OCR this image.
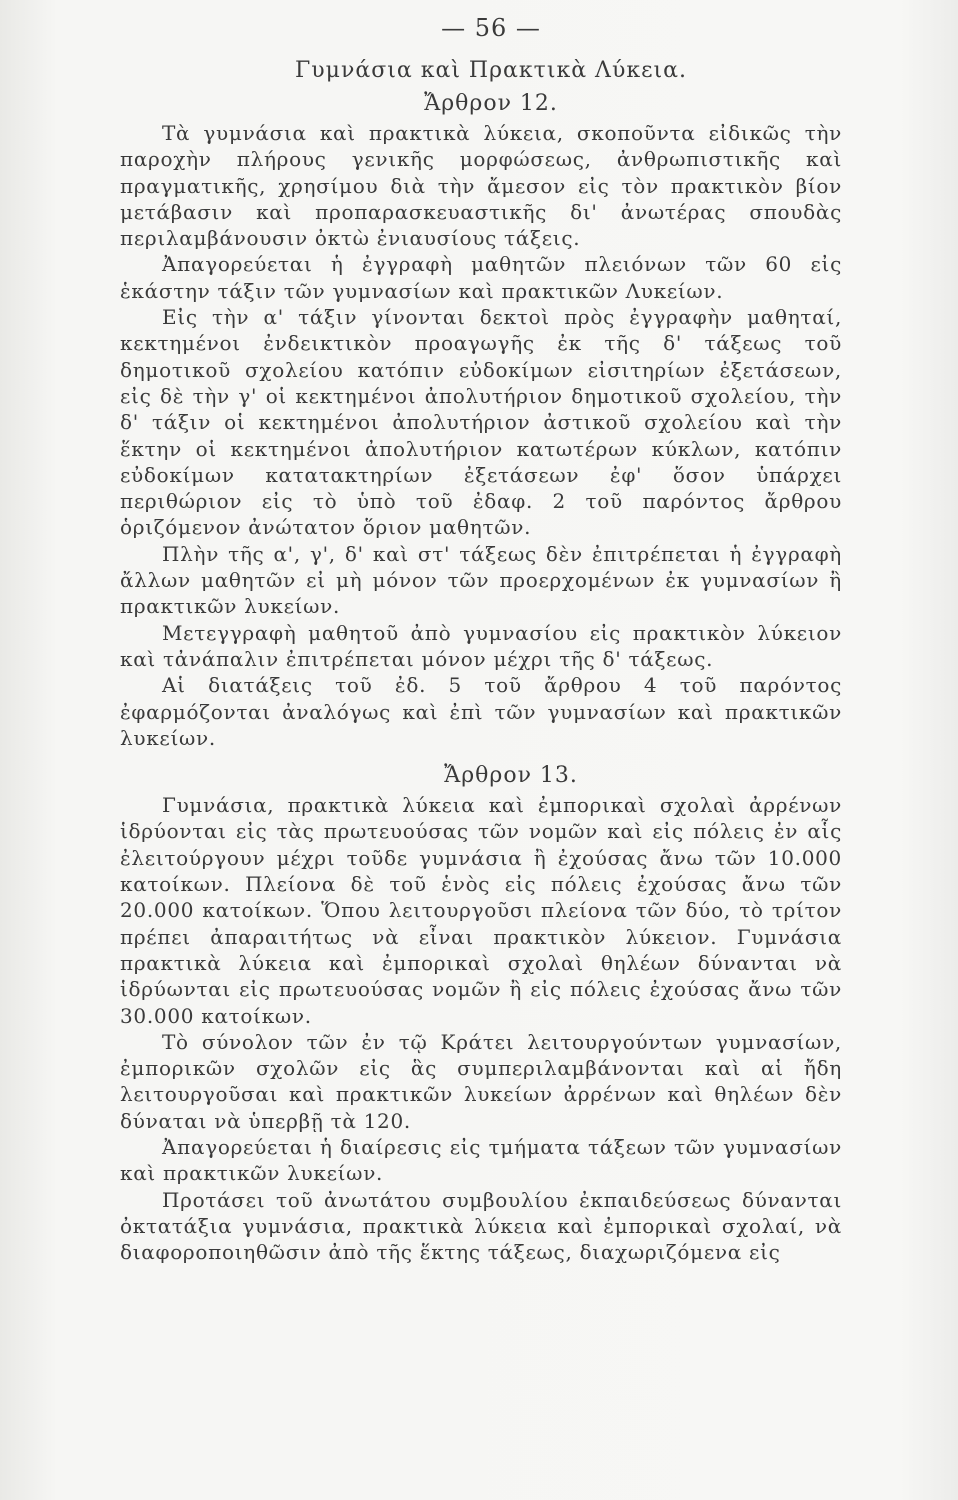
— 56 —
Γυμνάσια καὶ Πρακτικὰ Λύκεια.
Ἄρθρον 12.

Τὰ γυμνάσια καὶ πρακτικὰ λύκεια, σκοποῦντα εἰδικῶς τὴν παροχὴν πλήρους γενικῆς μορφώσεως, ἀνθρωπιστικῆς καὶ πραγματικῆς, χρησίμου διὰ τὴν ἄμεσον εἰς τὸν πρακτικὸν βίον μετάβασιν καὶ προπαρασκευαστικῆς δι' ἀνωτέρας σπουδὰς περιλαμβάνουσιν ὀκτὼ ἐνιαυσίους τάξεις.

Ἀπαγορεύεται ἡ ἐγγραφὴ μαθητῶν πλειόνων τῶν 60 εἰς ἑκάστην τάξιν τῶν γυμνασίων καὶ πρακτικῶν Λυκείων.

Εἰς τὴν α' τάξιν γίνονται δεκτοὶ πρὸς ἐγγραφὴν μαθηταί, κεκτημένοι ἐνδεικτικὸν προαγωγῆς ἐκ τῆς δ' τάξεως τοῦ δημοτικοῦ σχολείου κατόπιν εὐδοκίμων εἰσιτηρίων ἐξετάσεων, εἰς δὲ τὴν γ' οἱ κεκτημένοι ἀπολυτήριον δημοτικοῦ σχολείου, τὴν δ' τάξιν οἱ κεκτημένοι ἀπολυτήριον ἀστικοῦ σχολείου καὶ τὴν ἕκτην οἱ κεκτημένοι ἀπολυτήριον κατωτέρων κύκλων, κατόπιν εὐδοκίμων κατατακτηρίων ἐξετάσεων ἐφ' ὅσον ὑπάρχει περιθώριον εἰς τὸ ὑπὸ τοῦ ἐδαφ. 2 τοῦ παρόντος ἄρθρου ὁριζόμενον ἀνώτατον ὅριον μαθητῶν.

Πλὴν τῆς α', γ', δ' καὶ στ' τάξεως δὲν ἐπιτρέπεται ἡ ἐγγραφὴ ἄλλων μαθητῶν εἰ μὴ μόνον τῶν προερχομένων ἐκ γυμνασίων ἢ πρακτικῶν λυκείων.

Μετεγγραφὴ μαθητοῦ ἀπὸ γυμνασίου εἰς πρακτικὸν λύκειον καὶ τἀνάπαλιν ἐπιτρέπεται μόνον μέχρι τῆς δ' τάξεως.

Αἱ διατάξεις τοῦ ἐδ. 5 τοῦ ἄρθρου 4 τοῦ παρόντος ἐφαρμόζονται ἀναλόγως καὶ ἐπὶ τῶν γυμνασίων καὶ πρακτικῶν λυκείων.

Ἄρθρον 13.

Γυμνάσια, πρακτικὰ λύκεια καὶ ἐμπορικαὶ σχολαὶ ἀρρένων ἱδρύονται εἰς τὰς πρωτευούσας τῶν νομῶν καὶ εἰς πόλεις ἐν αἷς ἐλειτούργουν μέχρι τοῦδε γυμνάσια ἢ ἐχούσας ἄνω τῶν 10.000 κατοίκων. Πλείονα δὲ τοῦ ἑνὸς εἰς πόλεις ἐχούσας ἄνω τῶν 20.000 κατοίκων. Ὅπου λειτουργοῦσι πλείονα τῶν δύο, τὸ τρίτον πρέπει ἀπαραιτήτως νὰ εἶναι πρακτικὸν λύκειον. Γυμνάσια πρακτικὰ λύκεια καὶ ἐμπορικαὶ σχολαὶ θηλέων δύνανται νὰ ἱδρύωνται εἰς πρωτευούσας νομῶν ἢ εἰς πόλεις ἐχούσας ἄνω τῶν 30.000 κατοίκων.

Τὸ σύνολον τῶν ἐν τῷ Κράτει λειτουργούντων γυμνασίων, ἐμπορικῶν σχολῶν εἰς ἃς συμπεριλαμβάνονται καὶ αἱ ἤδη λειτουργοῦσαι καὶ πρακτικῶν λυκείων ἀρρένων καὶ θηλέων δὲν δύναται νὰ ὑπερβῇ τὰ 120.

Ἀπαγορεύεται ἡ διαίρεσις εἰς τμήματα τάξεων τῶν γυμνασίων καὶ πρακτικῶν λυκείων.

Προτάσει τοῦ ἀνωτάτου συμβουλίου ἐκπαιδεύσεως δύνανται ὀκτατάξια γυμνάσια, πρακτικὰ λύκεια καὶ ἐμπορικαὶ σχολαί, νὰ διαφοροποιηθῶσιν ἀπὸ τῆς ἕκτης τάξεως, διαχωριζόμενα εἰς
